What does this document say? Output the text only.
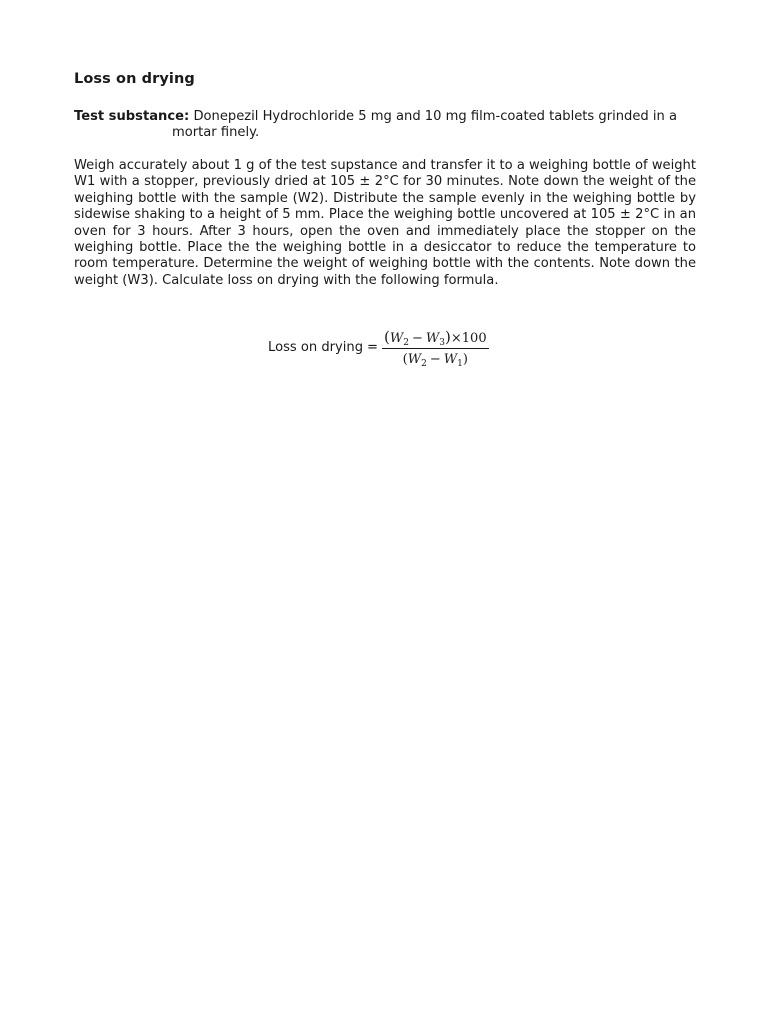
Loss on drying

Test substance: Donepezil Hydrochloride 5 mg and 10 mg film-coated tablets grinded in a
mortar finely.

Weigh accurately about 1 g of the test supstance and transfer it to a weighing bottle of weight W1 with a stopper, previously dried at 105 ± 2°C for 30 minutes. Note down the weight of the weighing bottle with the sample (W2). Distribute the sample evenly in the weighing bottle by sidewise shaking to a height of 5 mm. Place the weighing bottle uncovered at 105 ± 2°C in an oven for 3 hours. After 3 hours, open the oven and immediately place the stopper on the weighing bottle. Place the the weighing bottle in a desiccator to reduce the temperature to room temperature. Determine the weight of weighing bottle with the contents. Note down the weight (W3). Calculate loss on drying with the following formula.

Loss on drying = $\frac{(W_2 - W_3)\times 100}{(W_2 - W_1)}$
